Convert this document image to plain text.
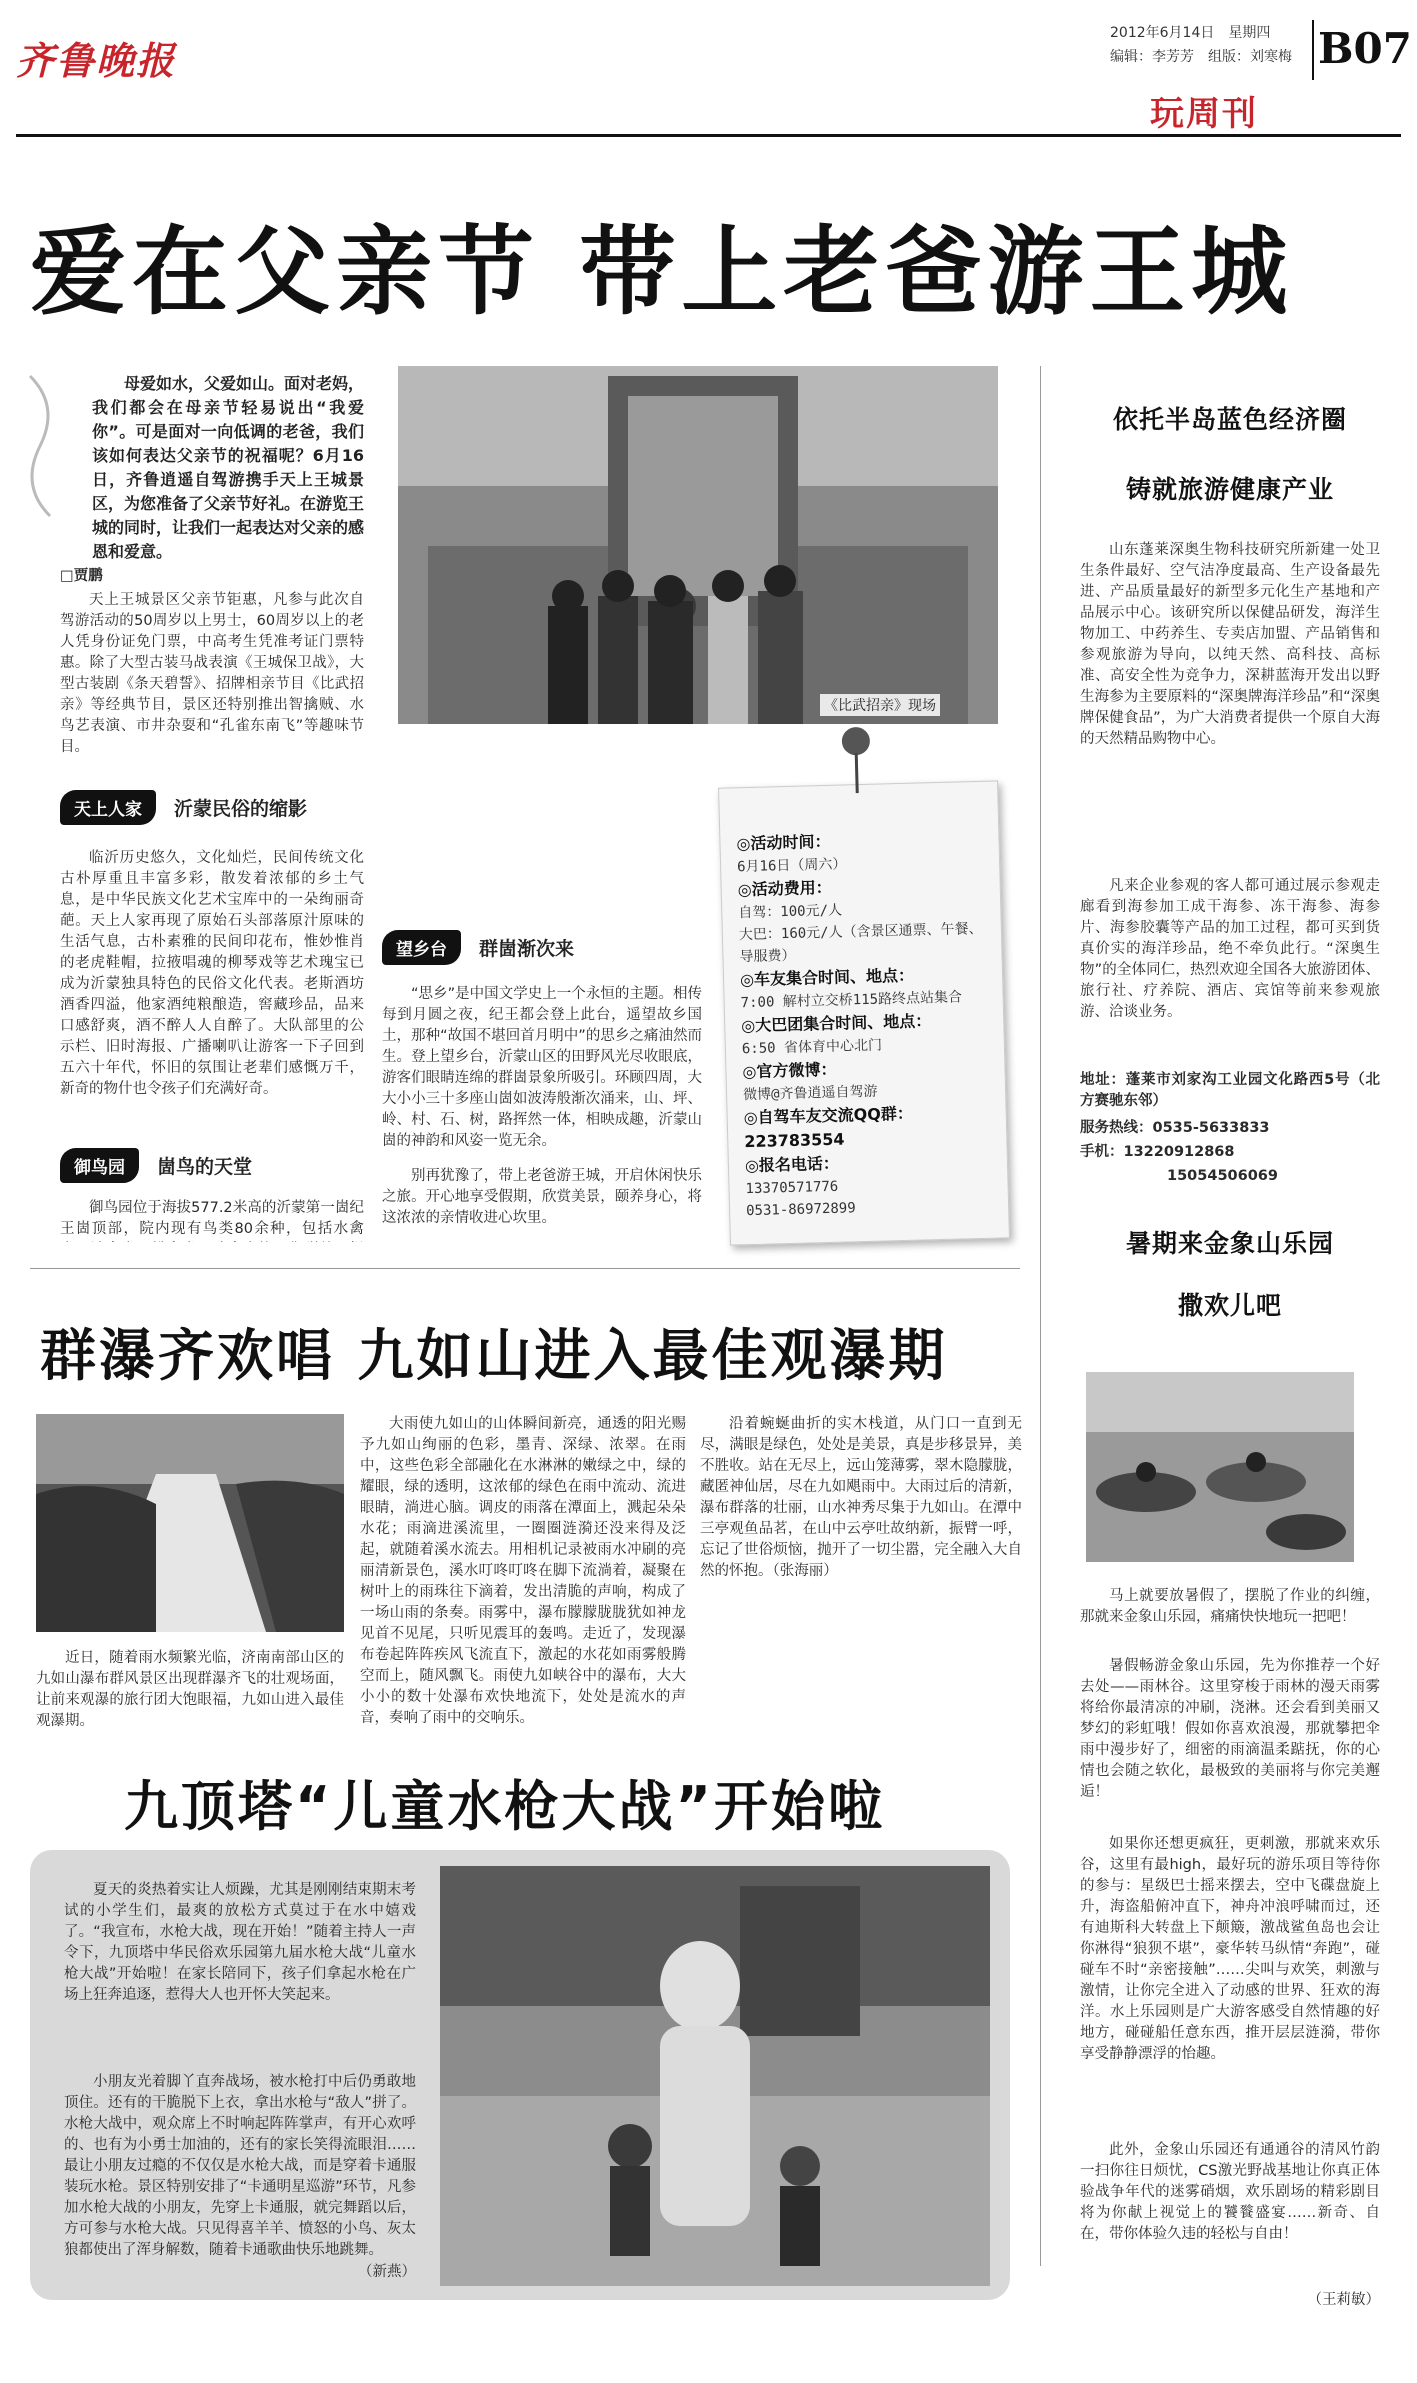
齐鲁晚报
2012年6月14日　星期四
编辑：李芳芳　组版：刘寒梅 B07
玩周刊
爱在父亲节 带上老爸游王城
母爱如水，父爱如山。面对老妈，我们都会在母亲节轻易说出“我爱你”。可是面对一向低调的老爸，我们该如何表达父亲节的祝福呢？6月16日，齐鲁逍遥自驾游携手天上王城景区，为您准备了父亲节好礼。在游览王城的同时，让我们一起表达对父亲的感恩和爱意。
□贾鹏
天上王城景区父亲节钜惠，凡参与此次自驾游活动的50周岁以上男士，60周岁以上的老人凭身份证免门票，中高考生凭准考证门票特惠。除了大型古装马战表演《王城保卫战》，大型古装剧《条天碧誓》、招牌相亲节目《比武招亲》等经典节目，景区还特别推出智擒贼、水鸟艺表演、市井杂耍和“孔雀东南飞”等趣味节目。
《比武招亲》现场
天上人家	沂蒙民俗的缩影
临沂历史悠久，文化灿烂，民间传统文化古朴厚重且丰富多彩，散发着浓郁的乡土气息，是中华民族文化艺术宝库中的一朵绚丽奇葩。天上人家再现了原始石头部落原汁原味的生活气息，古朴素雅的民间印花布，惟妙惟肖的老虎鞋帽，拉掖唱魂的柳琴戏等艺术瑰宝已成为沂蒙独具特色的民俗文化代表。老斯酒坊酒香四溢，他家酒纯粮酿造，窖藏珍品，品来口感舒爽，酒不醉人人自醉了。大队部里的公示栏、旧时海报、广播喇叭让游客一下子回到五六十年代，怀旧的氛围让老辈们感慨万千，新奇的物什也令孩子们充满好奇。
御鸟园	崮鸟的天堂
御鸟园位于海拔577.2米高的沂蒙第一崮纪王崮顶部，院内现有鸟类80余种，包括水禽
望乡台	群崮渐次来
“思乡”是中国文学史上一个永恒的主题。相传每到月圆之夜，纪王都会登上此台，遥望故乡国土，那种“故国不堪回首月明中”的思乡之痛油然而生。登上望乡台，沂蒙山区的田野风光尽收眼底，游客们眼睛连绵的群崮景象所吸引。环顾四周，大大小小三十多座山崮如波涛般渐次涌来，山、坪、岭、村、石、树，路挥然一体，相映成趣，沂蒙山崮的神韵和风姿一览无余。
别再犹豫了，带上老爸游王城，开启休闲快乐之旅。开心地享受假期，欣赏美景，颐养身心，将这浓浓的亲情收进心坎里。
◎活动时间：
6月16日（周六）
◎活动费用：
自驾：100元/人
大巴：160元/人（含景区通票、午餐、导服费）
◎车友集合时间、地点：
7:00 解村立交桥115路终点站集合
◎大巴团集合时间、地点：
6:50 省体育中心北门
◎官方微博：
微博@齐鲁逍遥自驾游
◎自驾车友交流QQ群：223783554
◎报名电话：
13370571776
0531-86972899
依托半岛蓝色经济圈
铸就旅游健康产业
山东蓬莱深奥生物科技研究所新建一处卫生条件最好、空气洁净度最高、生产设备最先进、产品质量最好的新型多元化生产基地和产品展示中心。该研究所以保健品研发，海洋生物加工、中药养生、专卖店加盟、产品销售和参观旅游为导向，以纯天然、高科技、高标准、高安全性为竞争力，深耕蓝海开发出以野生海参为主要原料的“深奥牌海洋珍品”和“深奥牌保健食品”，为广大消费者提供一个原自大海的天然精品购物中心。
凡来企业参观的客人都可通过展示参观走廊看到海参加工成干海参、冻干海参、海参片、海参胶囊等产品的加工过程，都可买到货真价实的海洋珍品，绝不牵负此行。“深奥生物”的全体同仁，热烈欢迎全国各大旅游团体、旅行社、疗养院、酒店、宾馆等前来参观旅游、洽谈业务。
地址：蓬莱市刘家沟工业园文化路西5号（北方赛驰东邻）
服务热线：0535-5633833
手机：13220912868
15054506069
暑期来金象山乐园
撒欢儿吧
马上就要放暑假了，摆脱了作业的纠缠，那就来金象山乐园，痛痛快快地玩一把吧！
暑假畅游金象山乐园，先为你推荐一个好去处——雨林谷。这里穿梭于雨林的漫天雨雾将给你最清凉的冲刷，浇淋。还会看到美丽又梦幻的彩虹哦！假如你喜欢浪漫，那就攀把伞雨中漫步好了，细密的雨滴温柔踮抚，你的心情也会随之软化，最极致的美丽将与你完美邂逅！
如果你还想更疯狂，更刺激，那就来欢乐谷，这里有最high，最好玩的游乐项目等待你的参与：星级巴士摇来摆去，空中飞碟盘旋上升，海盗船俯冲直下，神舟冲浪呼啸而过，还有迪斯科大转盘上下颠簸，激战鲨鱼岛也会让你淋得“狼狈不堪”，豪华转马纵情“奔跑”，碰碰车不时“亲密接触”……尖叫与欢笑，刺激与激情，让你完全进入了动感的世界、狂欢的海洋。水上乐园则是广大游客感受自然情趣的好地方，碰碰船任意东西，推开层层涟漪，带你享受静静漂浮的怡趣。
此外，金象山乐园还有通通谷的清风竹韵一扫你往日烦忧，CS激光野战基地让你真正体验战争年代的迷雾硝烟，欢乐剧场的精彩剧目将为你献上视觉上的饕餮盛宴……新奇、自在，带你体验久违的轻松与自由！
（王莉敏）
群瀑齐欢唱 九如山进入最佳观瀑期
近日，随着雨水频繁光临，济南南部山区的九如山瀑布群风景区出现群瀑齐飞的壮观场面，让前来观瀑的旅行团大饱眼福，九如山进入最佳观瀑期。
大雨使九如山的山体瞬间新亮，通透的阳光赐予九如山绚丽的色彩，墨青、深绿、浓翠。在雨中，这些色彩全部融化在水淋淋的嫩绿之中，绿的耀眼，绿的透明，这浓郁的绿色在雨中流动、流进眼睛，淌进心脑。调皮的雨落在潭面上，溅起朵朵水花；雨滴进溪流里，一圈圈涟漪还没来得及泛起，就随着溪水流去。用相机记录被雨水冲刷的亮丽清新景色，溪水叮咚叮咚在脚下流淌着，凝聚在树叶上的雨珠往下滴着，发出清脆的声响，构成了一场山雨的条奏。雨雾中，瀑布朦朦胧胧犹如神龙见首不见尾，只听见震耳的轰鸣。走近了，发现瀑布卷起阵阵疾风飞流直下，激起的水花如雨雾般腾空而上，随风飘飞。雨使九如峡谷中的瀑布，大大小小的数十处瀑布欢快地流下，处处是流水的声音，奏响了雨中的交响乐。
沿着蜿蜒曲折的实木栈道，从门口一直到无尽，满眼是绿色，处处是美景，真是步移景异，美不胜收。站在无尽上，远山笼薄雾，翠木隐朦胧，藏匿神仙居，尽在九如飓雨中。大雨过后的清新，瀑布群落的壮丽，山水神秀尽集于九如山。在潭中三亭观鱼品茗，在山中云亭吐故纳新，振臂一呼，忘记了世俗烦恼，抛开了一切尘嚣，完全融入大自然的怀抱。（张海丽）
九顶塔“儿童水枪大战”开始啦
夏天的炎热着实让人烦躁，尤其是刚刚结束期末考试的小学生们，最爽的放松方式莫过于在水中嬉戏了。“我宣布，水枪大战，现在开始！”随着主持人一声令下，九顶塔中华民俗欢乐园第九届水枪大战“儿童水枪大战”开始啦！在家长陪同下，孩子们拿起水枪在广场上狂奔追逐，惹得大人也开怀大笑起来。
小朋友光着脚丫直奔战场，被水枪打中后仍勇敢地顶住。还有的干脆脱下上衣，拿出水枪与“敌人”拼了。水枪大战中，观众席上不时响起阵阵掌声，有开心欢呼的、也有为小勇士加油的，还有的家长笑得流眼泪……最让小朋友过瘾的不仅仅是水枪大战，而是穿着卡通服装玩水枪。景区特别安排了“卡通明星巡游”环节，凡参加水枪大战的小朋友，先穿上卡通服，就完舞蹈以后，方可参与水枪大战。只见得喜羊羊、愤怒的小鸟、灰太狼都使出了浑身解数，随着卡通歌曲快乐地跳舞。
（新燕）
